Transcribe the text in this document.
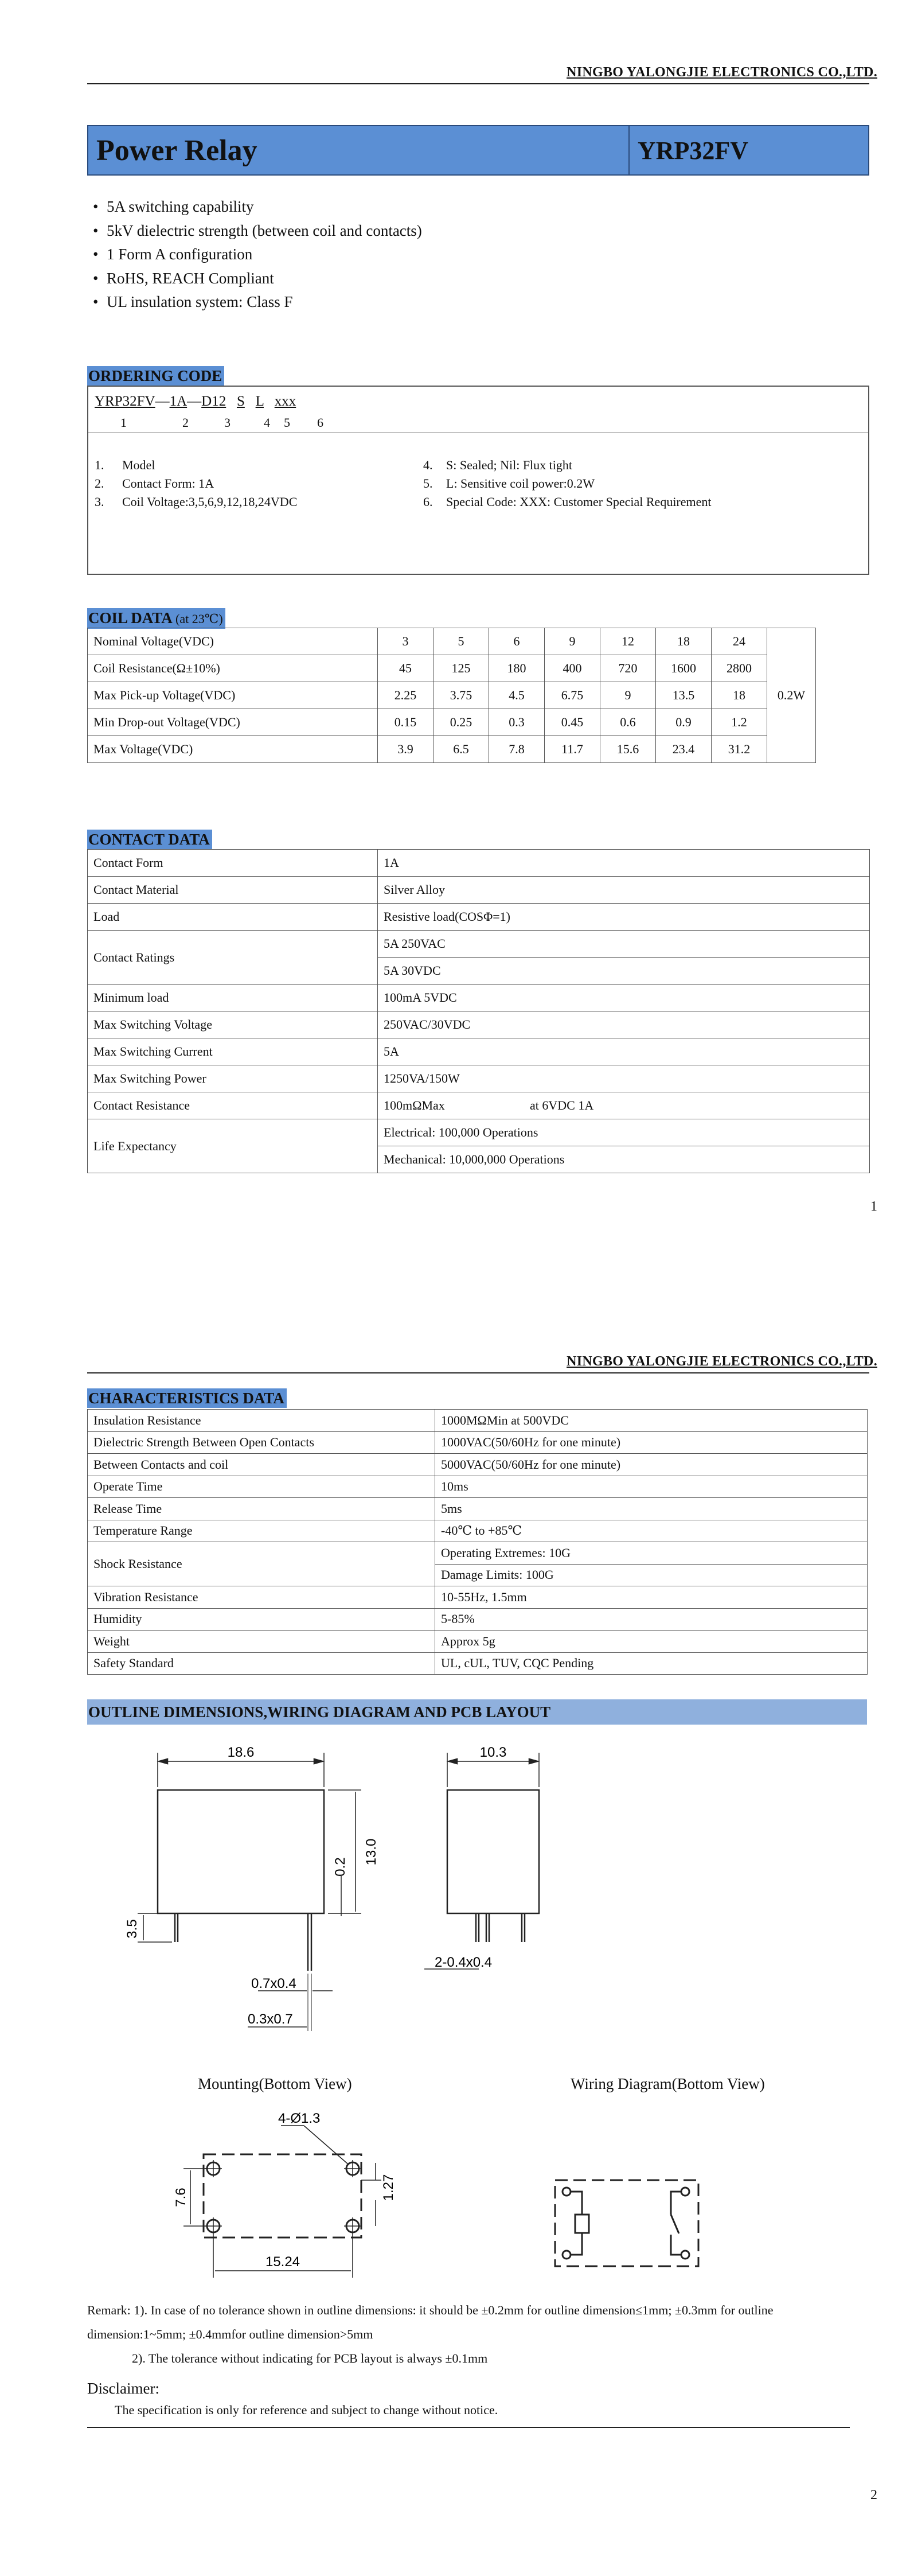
NINGBO YALONGJIE ELECTRONICS CO.,LTD.
Power Relay	YRP32FV
• 5A switching capability
• 5kV dielectric strength (between coil and contacts)
• 1 Form A configuration
• RoHS, REACH Compliant
• UL insulation system: Class F
ORDERING CODE
YRP32FV—1A—D12 S L xxx
1	2	3	4 5 6
1. Model
2. Contact Form: 1A
3. Coil Voltage:3,5,6,9,12,18,24VDC
4. S: Sealed; Nil: Flux tight
5. L: Sensitive coil power:0.2W
6. Special Code: XXX: Customer Special Requirement
COIL DATA (at 23℃)
Nominal Voltage(VDC)	3	5	6	9	12	18	24	0.2W
Coil Resistance(Ω±10%)	45	125	180	400	720	1600	2800	
Max Pick-up Voltage(VDC)	2.25	3.75	4.5	6.75	9	13.5	18	
Min Drop-out Voltage(VDC)	0.15	0.25	0.3	0.45	0.6	0.9	1.2	
Max Voltage(VDC)	3.9	6.5	7.8	11.7	15.6	23.4	31.2	
CONTACT DATA
Contact Form	1A
Contact Material	Silver Alloy
Load	Resistive load(COSΦ=1)
Contact Ratings	5A 250VAC
	5A 30VDC
Minimum load	100mA 5VDC
Max Switching Voltage	250VAC/30VDC
Max Switching Current	5A
Max Switching Power	1250VA/150W
Contact Resistance	100mΩMax at 6VDC 1A
Life Expectancy	Electrical: 100,000 Operations
	Mechanical: 10,000,000 Operations
1
NINGBO YALONGJIE ELECTRONICS CO.,LTD.
CHARACTERISTICS DATA
Insulation Resistance	1000MΩMin at 500VDC
Dielectric Strength Between Open Contacts	1000VAC(50/60Hz for one minute)
Between Contacts and coil	5000VAC(50/60Hz for one minute)
Operate Time	10ms
Release Time	5ms
Temperature Range	-40℃ to +85℃
Shock Resistance	Operating Extremes: 10G
	Damage Limits: 100G
Vibration Resistance	10-55Hz, 1.5mm
Humidity	5-85%
Weight	Approx 5g
Safety Standard	UL, cUL, TUV, CQC Pending
OUTLINE DIMENSIONS,WIRING DIAGRAM AND PCB LAYOUT
18.6
3.5
13.0
0.2
0.7x0.4
0.3x0.7
10.3
2-0.4x0.4
Mounting(Bottom View)	Wiring Diagram(Bottom View)
4-Ø1.3
7.6	1.27
15.24
Remark: 1). In case of no tolerance shown in outline dimensions: it should be ±0.2mm for outline dimension≤1mm; ±0.3mm for outline
dimension:1~5mm; ±0.4mmfor outline dimension>5mm
2). The tolerance without indicating for PCB layout is always ±0.1mm
Disclaimer:
The specification is only for reference and subject to change without notice.
2
